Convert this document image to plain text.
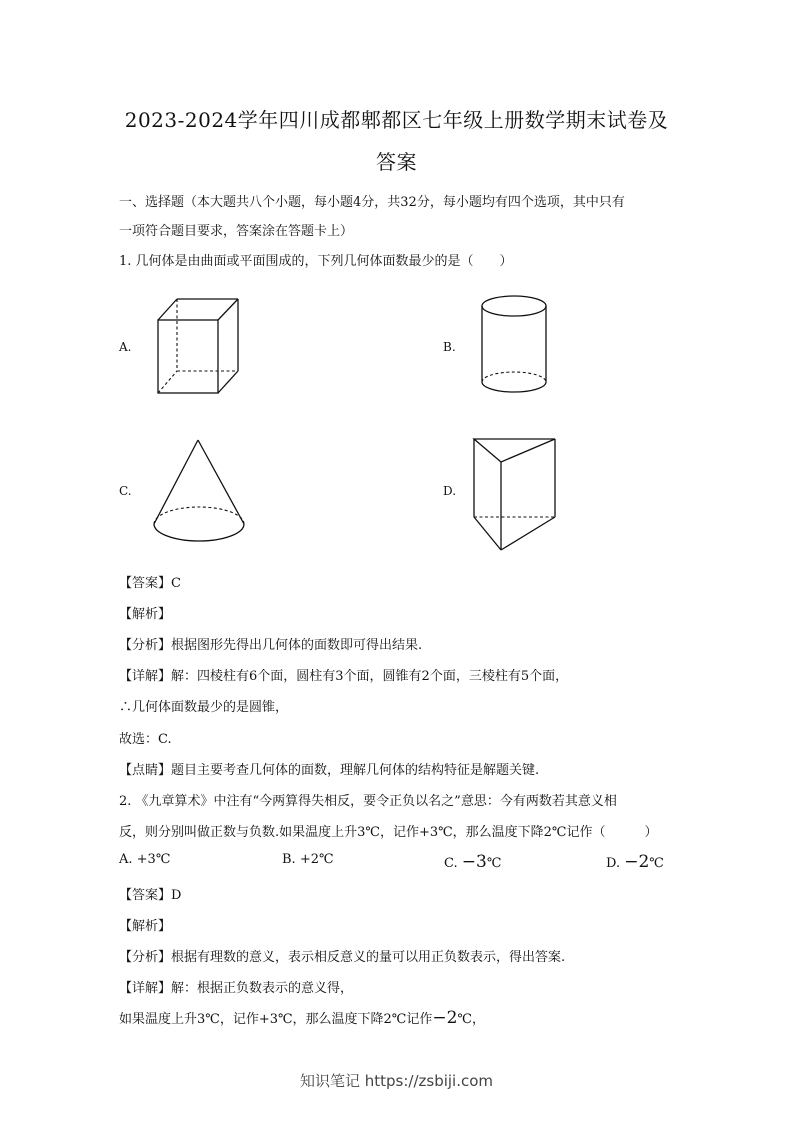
2023-2024学年四川成都郫都区七年级上册数学期末试卷及
答案
一、选择题（本大题共八个小题，每小题4分，共32分，每小题均有四个选项，其中只有
一项符合题目要求，答案涂在答题卡上）
1. 几何体是由曲面或平面围成的，下列几何体面数最少的是（　　）
A.	B.
C.	D.
【答案】C
【解析】
【分析】根据图形先得出几何体的面数即可得出结果.
【详解】解：四棱柱有6个面，圆柱有3个面，圆锥有2个面，三棱柱有5个面，
∴几何体面数最少的是圆锥，
故选：C.
【点睛】题目主要考查几何体的面数，理解几何体的结构特征是解题关键.
2. 《九章算术》中注有“今两算得失相反，要令正负以名之”意思：今有两数若其意义相
反，则分别叫做正数与负数.如果温度上升3℃，记作+3℃，那么温度下降2℃记作（　　　）
A. +3℃	B. +2℃	C. −3℃	D. −2℃
【答案】D
【解析】
【分析】根据有理数的意义，表示相反意义的量可以用正负数表示，得出答案.
【详解】解：根据正负数表示的意义得，
如果温度上升3℃，记作+3℃，那么温度下降2℃记作−2℃，
知识笔记 https://zsbiji.com
